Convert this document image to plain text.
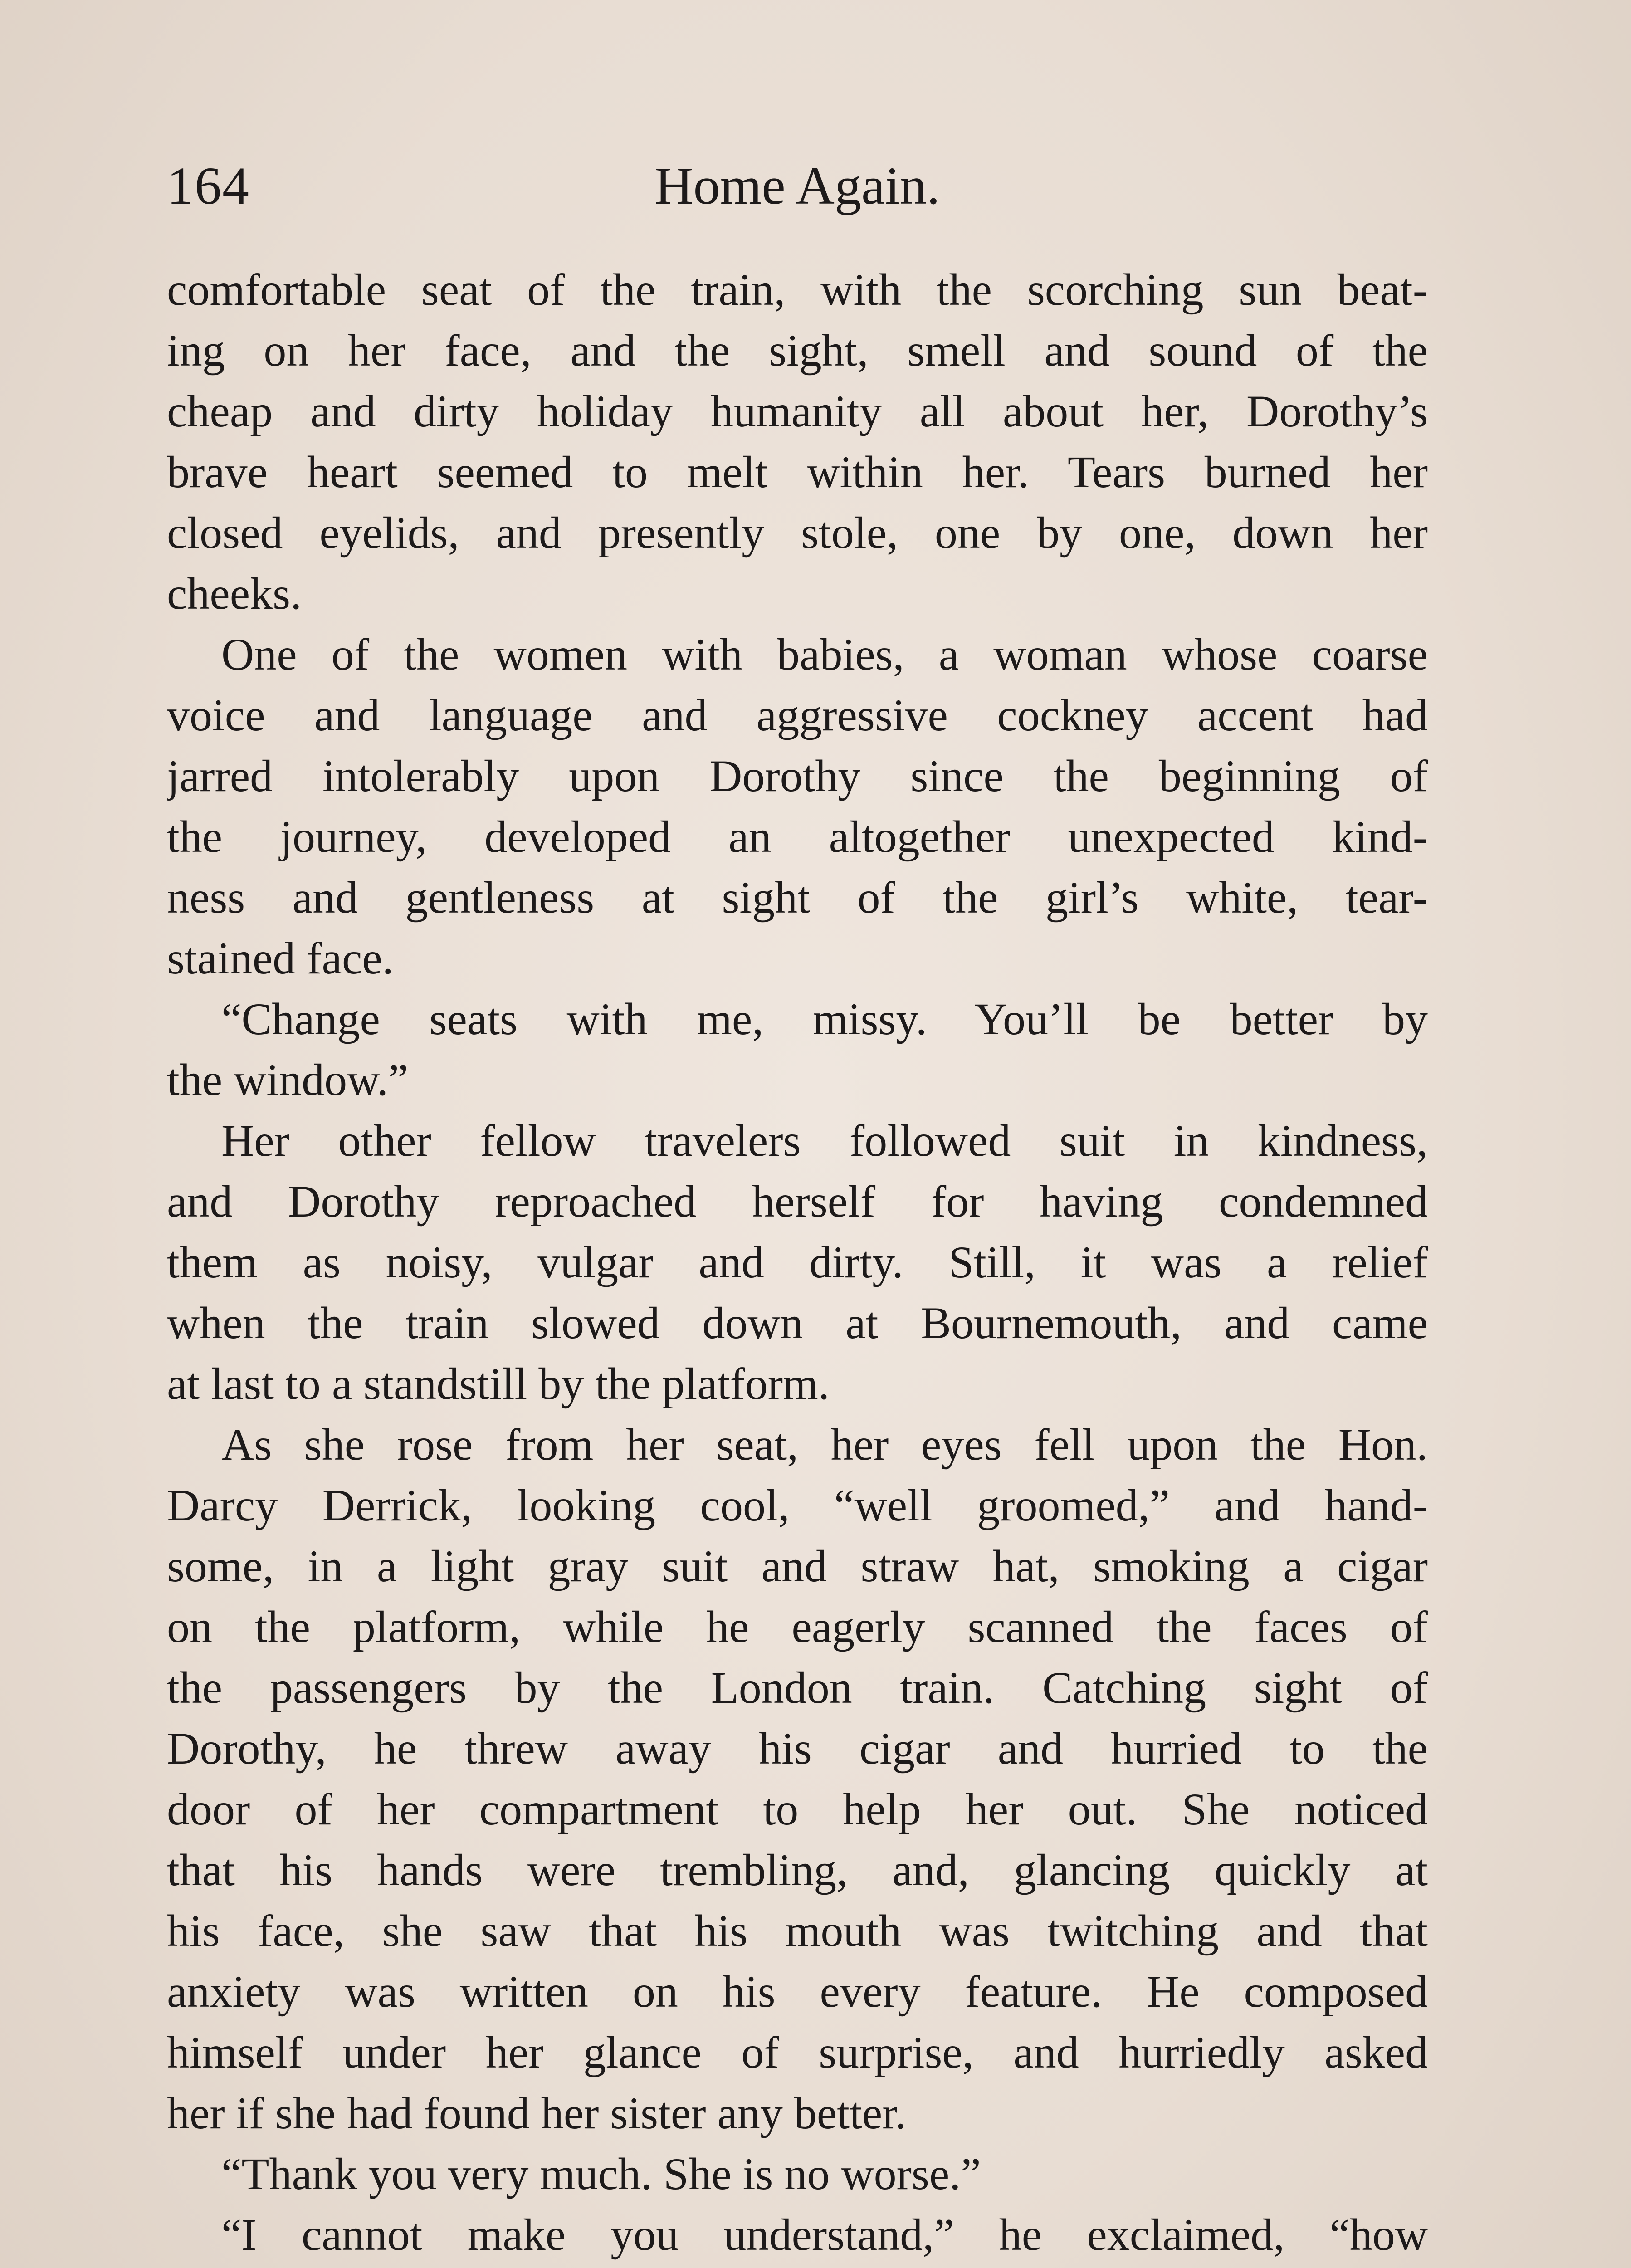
164	Home Again.

comfortable seat of the train, with the scorching sun beat-
ing on her face, and the sight, smell and sound of the
cheap and dirty holiday humanity all about her, Dorothy’s
brave heart seemed to melt within her. Tears burned her
closed eyelids, and presently stole, one by one, down her
cheeks.

One of the women with babies, a woman whose coarse
voice and language and aggressive cockney accent had
jarred intolerably upon Dorothy since the beginning of
the journey, developed an altogether unexpected kind-
ness and gentleness at sight of the girl’s white, tear-
stained face.

“Change seats with me, missy. You’ll be better by
the window.”

Her other fellow travelers followed suit in kindness,
and Dorothy reproached herself for having condemned
them as noisy, vulgar and dirty. Still, it was a relief
when the train slowed down at Bournemouth, and came
at last to a standstill by the platform.

As she rose from her seat, her eyes fell upon the Hon.
Darcy Derrick, looking cool, “well groomed,” and hand-
some, in a light gray suit and straw hat, smoking a cigar
on the platform, while he eagerly scanned the faces of
the passengers by the London train. Catching sight of
Dorothy, he threw away his cigar and hurried to the
door of her compartment to help her out. She noticed
that his hands were trembling, and, glancing quickly at
his face, she saw that his mouth was twitching and that
anxiety was written on his every feature. He composed
himself under her glance of surprise, and hurriedly asked
her if she had found her sister any better.

“Thank you very much. She is no worse.”

“I cannot make you understand,” he exclaimed, “how
